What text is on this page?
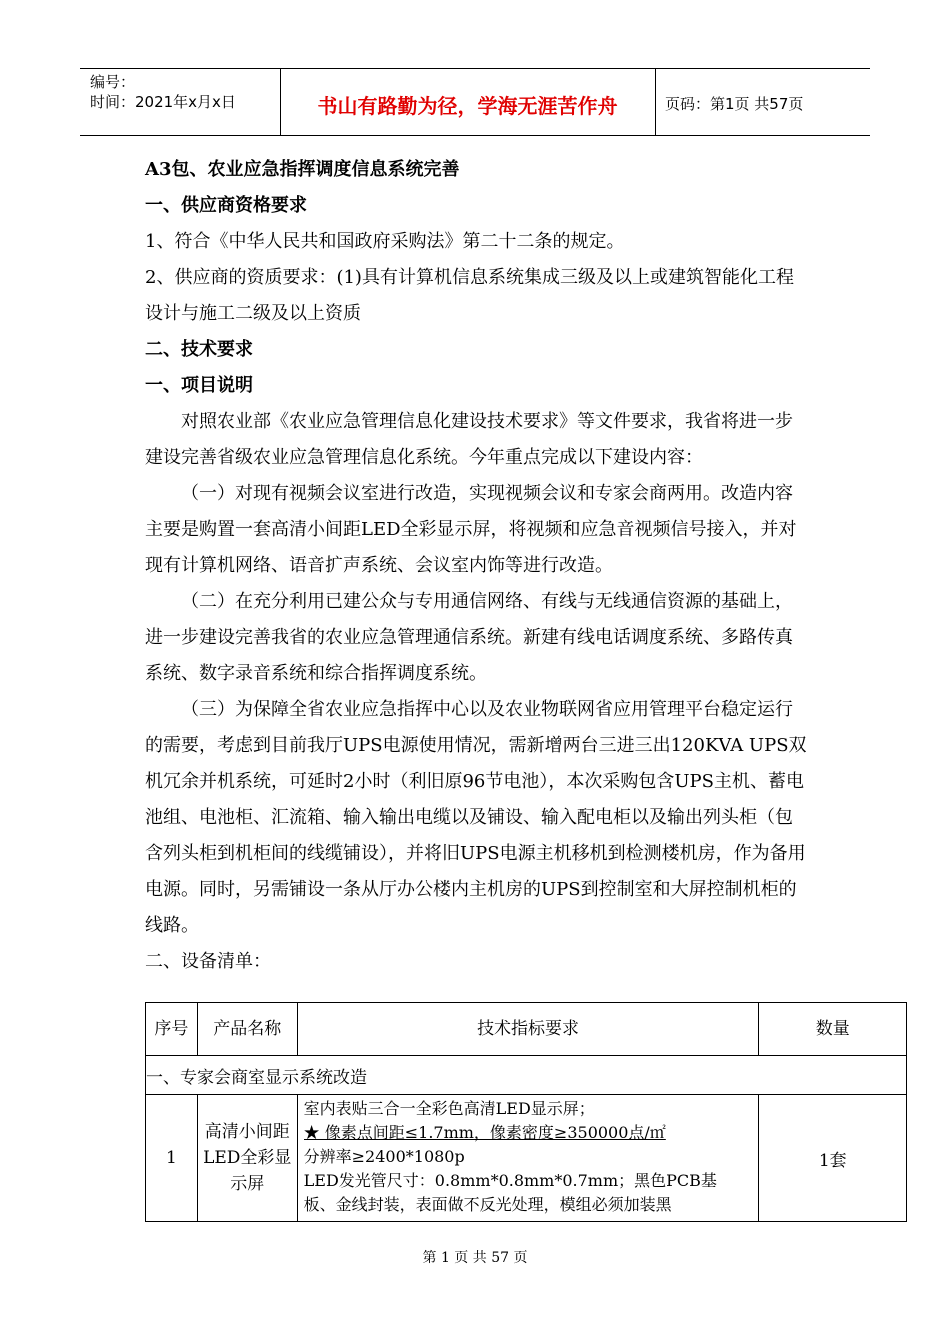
编号：
时间：2021年x月x日	书山有路勤为径，学海无涯苦作舟	页码：第1页 共57页

A3包、农业应急指挥调度信息系统完善

一、供应商资格要求

1、符合《中华人民共和国政府采购法》第二十二条的规定。

2、供应商的资质要求：(1)具有计算机信息系统集成三级及以上或建筑智能化工程设计与施工二级及以上资质

二、技术要求

一、项目说明

对照农业部《农业应急管理信息化建设技术要求》等文件要求，我省将进一步建设完善省级农业应急管理信息化系统。今年重点完成以下建设内容：

（一）对现有视频会议室进行改造，实现视频会议和专家会商两用。改造内容主要是购置一套高清小间距LED全彩显示屏，将视频和应急音视频信号接入，并对现有计算机网络、语音扩声系统、会议室内饰等进行改造。

（二）在充分利用已建公众与专用通信网络、有线与无线通信资源的基础上，进一步建设完善我省的农业应急管理通信系统。新建有线电话调度系统、多路传真系统、数字录音系统和综合指挥调度系统。

（三）为保障全省农业应急指挥中心以及农业物联网省应用管理平台稳定运行的需要，考虑到目前我厅UPS电源使用情况，需新增两台三进三出120KVA UPS双机冗余并机系统，可延时2小时（利旧原96节电池），本次采购包含UPS主机、蓄电池组、电池柜、汇流箱、输入输出电缆以及铺设、输入配电柜以及输出列头柜（包含列头柜到机柜间的线缆铺设），并将旧UPS电源主机移机到检测楼机房，作为备用电源。同时，另需铺设一条从厅办公楼内主机房的UPS到控制室和大屏控制机柜的线路。

二、设备清单：

序号	产品名称	技术指标要求	数量
一、专家会商室显示系统改造			
1	高清小间距LED全彩显示屏	室内表贴三合一全彩色高清LED显示屏；
★ 像素点间距≤1.7mm，像素密度≥350000点/㎡
分辨率≥2400*1080p
LED发光管尺寸：0.8mm*0.8mm*0.7mm；黑色PCB基
板、金线封装，表面做不反光处理，模组必须加装黑	1套
第 1 页 共 57 页
